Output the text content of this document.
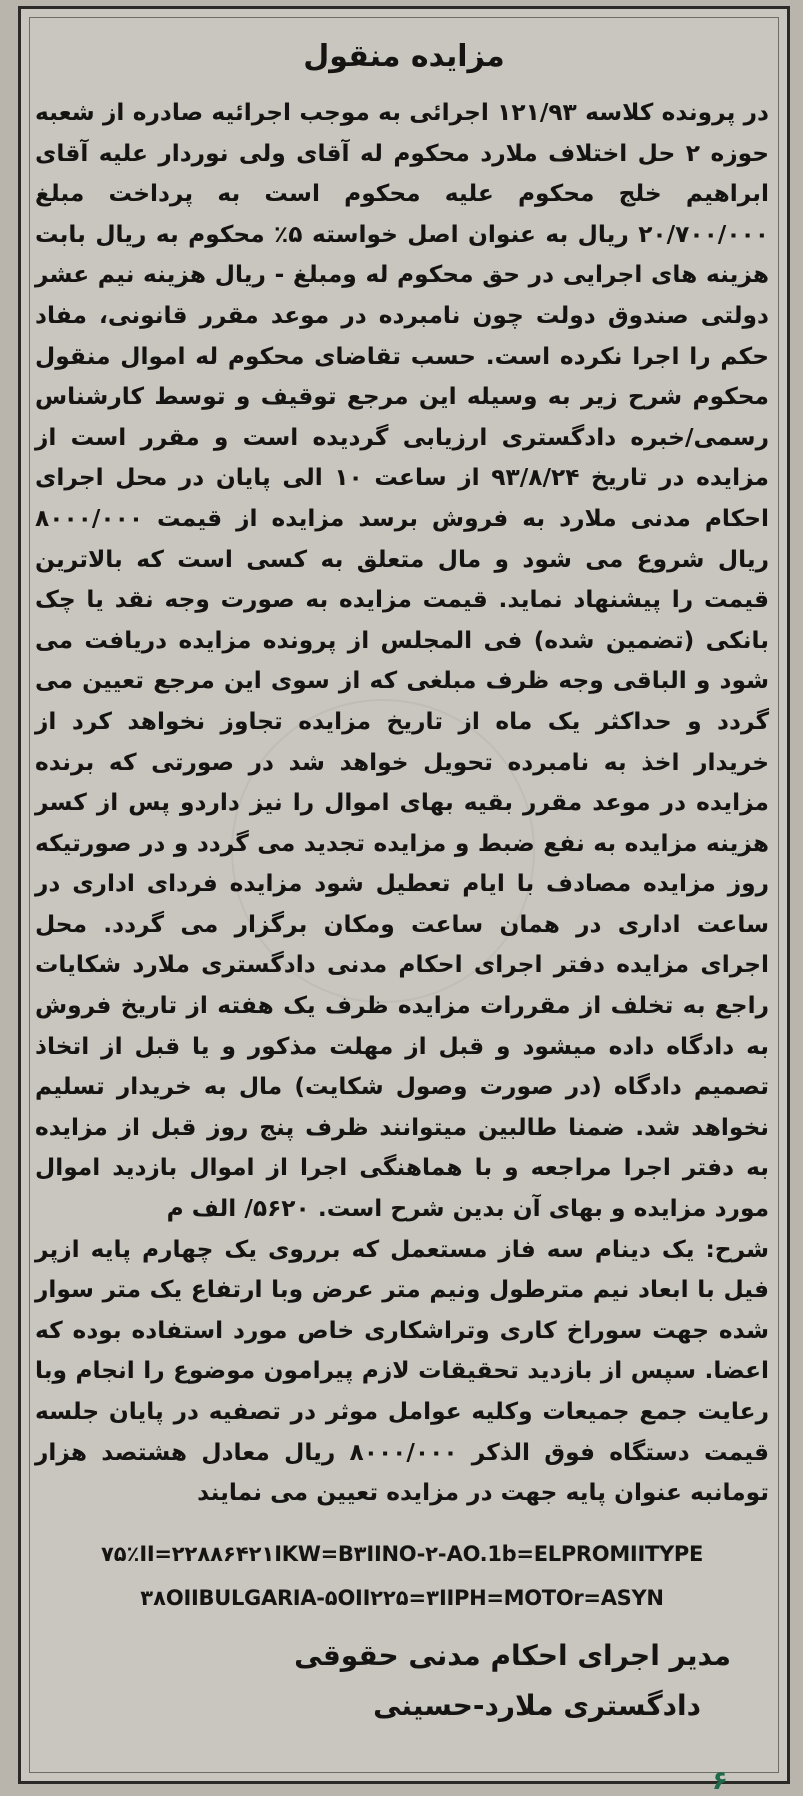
مزایده منقول
در پرونده کلاسه ۱۲۱/۹۳ اجرائی به موجب اجرائیه صادره از شعبه حوزه ۲ حل اختلاف ملارد محکوم له آقای ولی نوردار علیه آقای ابراهیم خلج محکوم علیه محکوم است به پرداخت مبلغ ۲۰/۷۰۰/۰۰۰ ریال به عنوان اصل خواسته ۵٪ محکوم به ریال بابت هزینه های اجرایی در حق محکوم له ومبلغ - ریال هزینه نیم عشر دولتی صندوق دولت چون نامبرده در موعد مقرر قانونی، مفاد حکم را اجرا نکرده است. حسب تقاضای محکوم له اموال منقول محکوم شرح زیر به وسیله این مرجع توقیف و توسط کارشناس رسمی/خبره دادگستری ارزیابی گردیده است و مقرر است از مزایده در تاریخ ۹۳/۸/۲۴ از ساعت ۱۰ الی پایان در محل اجرای احکام مدنی ملارد به فروش برسد مزایده از قیمت ۸۰۰۰/۰۰۰ ریال شروع می شود و مال متعلق به کسی است که بالاترین قیمت را پیشنهاد نماید. قیمت مزایده به صورت وجه نقد یا چک بانکی (تضمین شده) فی المجلس از پرونده مزایده دریافت می شود و الباقی وجه ظرف مبلغی که از سوی این مرجع تعیین می گردد و حداکثر یک ماه از تاریخ مزایده تجاوز نخواهد کرد از خریدار اخذ به نامبرده تحویل خواهد شد در صورتی که برنده مزایده در موعد مقرر بقیه بهای اموال را نیز داردو پس از کسر هزینه مزایده به نفع ضبط و مزایده تجدید می گردد و در صورتیکه روز مزایده مصادف با ایام تعطیل شود مزایده فردای اداری در ساعت اداری در همان ساعت ومکان برگزار می گردد. محل اجرای مزایده دفتر اجرای احکام مدنی دادگستری ملارد شکایات راجع به تخلف از مقررات مزایده ظرف یک هفته از تاریخ فروش به دادگاه داده میشود و قبل از مهلت مذکور و یا قبل از اتخاذ تصمیم دادگاه (در صورت وصول شکایت) مال به خریدار تسلیم نخواهد شد. ضمنا طالبین میتوانند ظرف پنج روز قبل از مزایده به دفتر اجرا مراجعه و با هماهنگی اجرا از اموال بازدید اموال مورد مزایده و بهای آن بدین شرح است. ۵۶۲۰/ الف م
شرح: یک دینام سه فاز مستعمل که برروی یک چهارم پایه ازپر فیل با ابعاد نیم مترطول ونیم متر عرض وبا ارتفاع یک متر سوار شده جهت سوراخ کاری وتراشکاری خاص مورد استفاده بوده که اعضا. سپس از بازدید تحقیقات لازم پیرامون موضوع را انجام وبا رعایت جمع جمیعات وکلیه عوامل موثر در تصفیه در پایان جلسه قیمت دستگاه فوق الذکر ۸۰۰۰/۰۰۰ ریال معادل هشتصد هزار تومانبه عنوان پایه جهت در مزایده تعیین می نمایند
۷۵٪II=۲۲۸۸۶۴۲۱IKW=B۳IINO-۲-AO.1b=ELPROMIITYPE
۳۸OIIBULGARIA-۵OII۲۲۵=۳IIPH=MOTOr=ASYN
مدیر اجرای احکام مدنی حقوقی
دادگستری ملارد-حسینی
۶
